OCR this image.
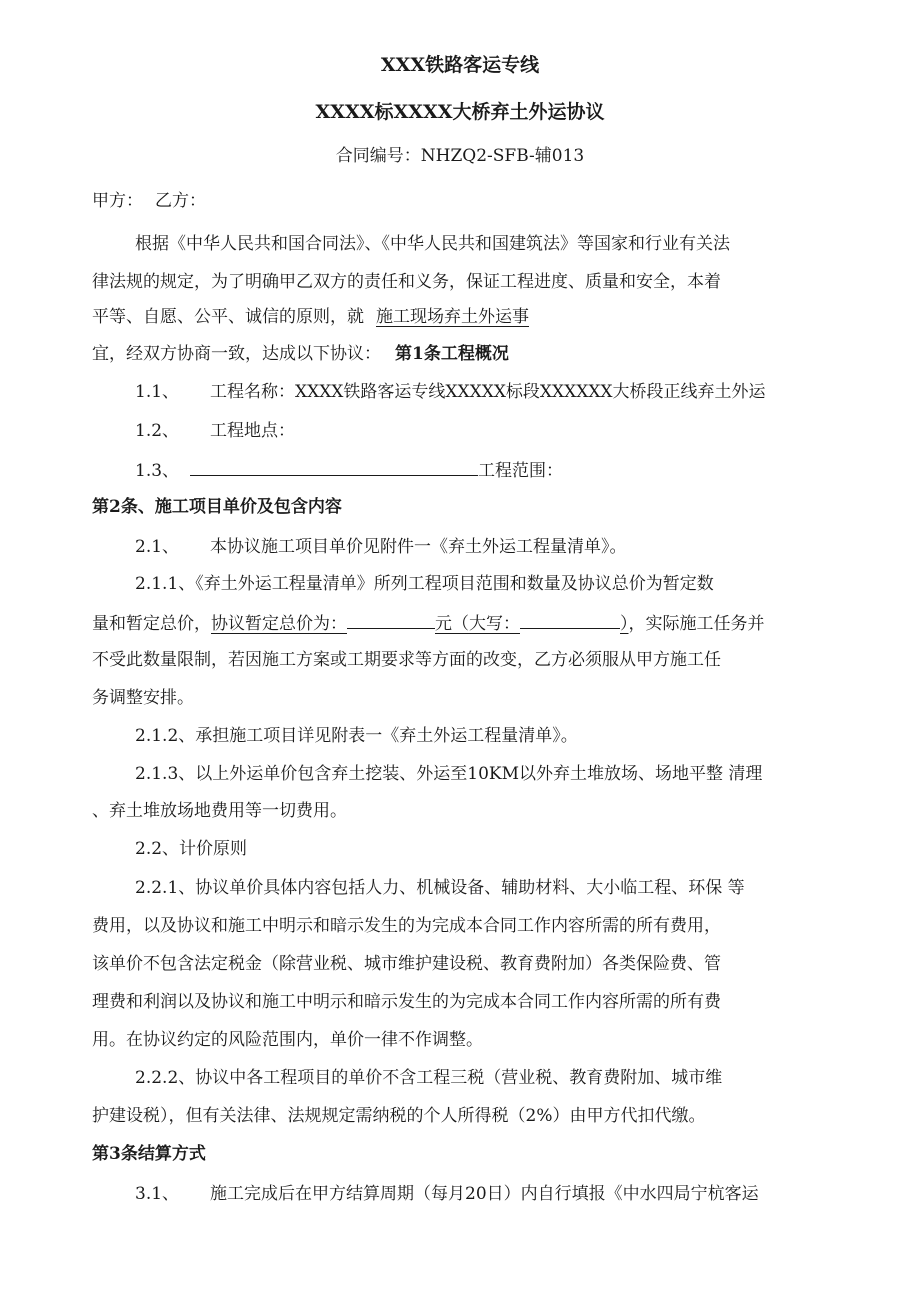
XXX铁路客运专线
XXXX标XXXX大桥弃土外运协议
合同编号：NHZQ2-SFB-辅013
甲方： 乙方：
根据《中华人民共和国合同法》、《中华人民共和国建筑法》等国家和行业有关法
律法规的规定，为了明确甲乙双方的责任和义务，保证工程进度、质量和安全，本着
平等、自愿、公平、诚信的原则，就 施工现场弃土外运事
宜，经双方协商一致，达成以下协议： 第1条工程概况
1.1、 工程名称：XXXX铁路客运专线XXXXX标段XXXXXX大桥段正线弃土外运
1.2、 工程地点：
1.3、	工程范围：
第2条、施工项目单价及包含内容
2.1、 本协议施工项目单价见附件一《弃土外运工程量清单》。
2.1.1、《弃土外运工程量清单》所列工程项目范围和数量及协议总价为暂定数
量和暂定总价，协议暂定总价为：	元（大写：	），实际施工任务并
不受此数量限制，若因施工方案或工期要求等方面的改变，乙方必须服从甲方施工任
务调整安排。
2.1.2、承担施工项目详见附表一《弃土外运工程量清单》。
2.1.3、以上外运单价包含弃土挖装、外运至10KM以外弃土堆放场、场地平整 清理
、弃土堆放场地费用等一切费用。
2.2、计价原则
2.2.1、协议单价具体内容包括人力、机械设备、辅助材料、大小临工程、环保 等
费用，以及协议和施工中明示和暗示发生的为完成本合同工作内容所需的所有费用，
该单价不包含法定税金（除营业税、城市维护建设税、教育费附加）各类保险费、管
理费和利润以及协议和施工中明示和暗示发生的为完成本合同工作内容所需的所有费
用。在协议约定的风险范围内，单价一律不作调整。
2.2.2、协议中各工程项目的单价不含工程三税（营业税、教育费附加、城市维
护建设税），但有关法律、法规规定需纳税的个人所得税（2%）由甲方代扣代缴。
第3条结算方式
3.1、 施工完成后在甲方结算周期（每月20日）内自行填报《中水四局宁杭客运
